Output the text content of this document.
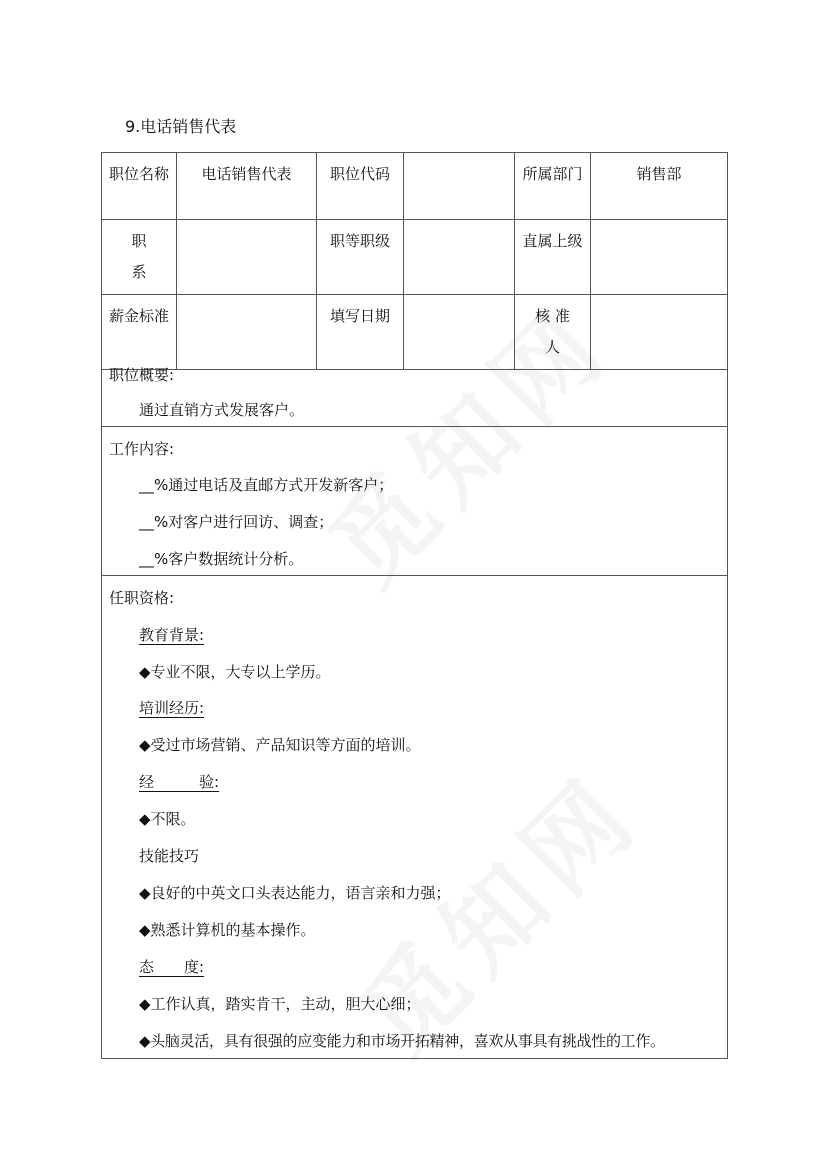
9.电话销售代表
职位名称	电话销售代表	职位代码		所属部门	销售部
职　系		职等职级		直属上级	
薪金标准		填写日期		核 准人	
职位概要:
通过直销方式发展客户。
工作内容:
__%通过电话及直邮方式开发新客户；
__%对客户进行回访、调查；
__%客户数据统计分析。
任职资格:
教育背景:
◆专业不限，大专以上学历。
培训经历:
◆受过市场营销、产品知识等方面的培训。
经　　　验:
◆不限。
技能技巧
◆良好的中英文口头表达能力，语言亲和力强；
◆熟悉计算机的基本操作。
态　　度:
◆工作认真，踏实肯干，主动，胆大心细；
◆头脑灵活，具有很强的应变能力和市场开拓精神，喜欢从事具有挑战性的工作。
